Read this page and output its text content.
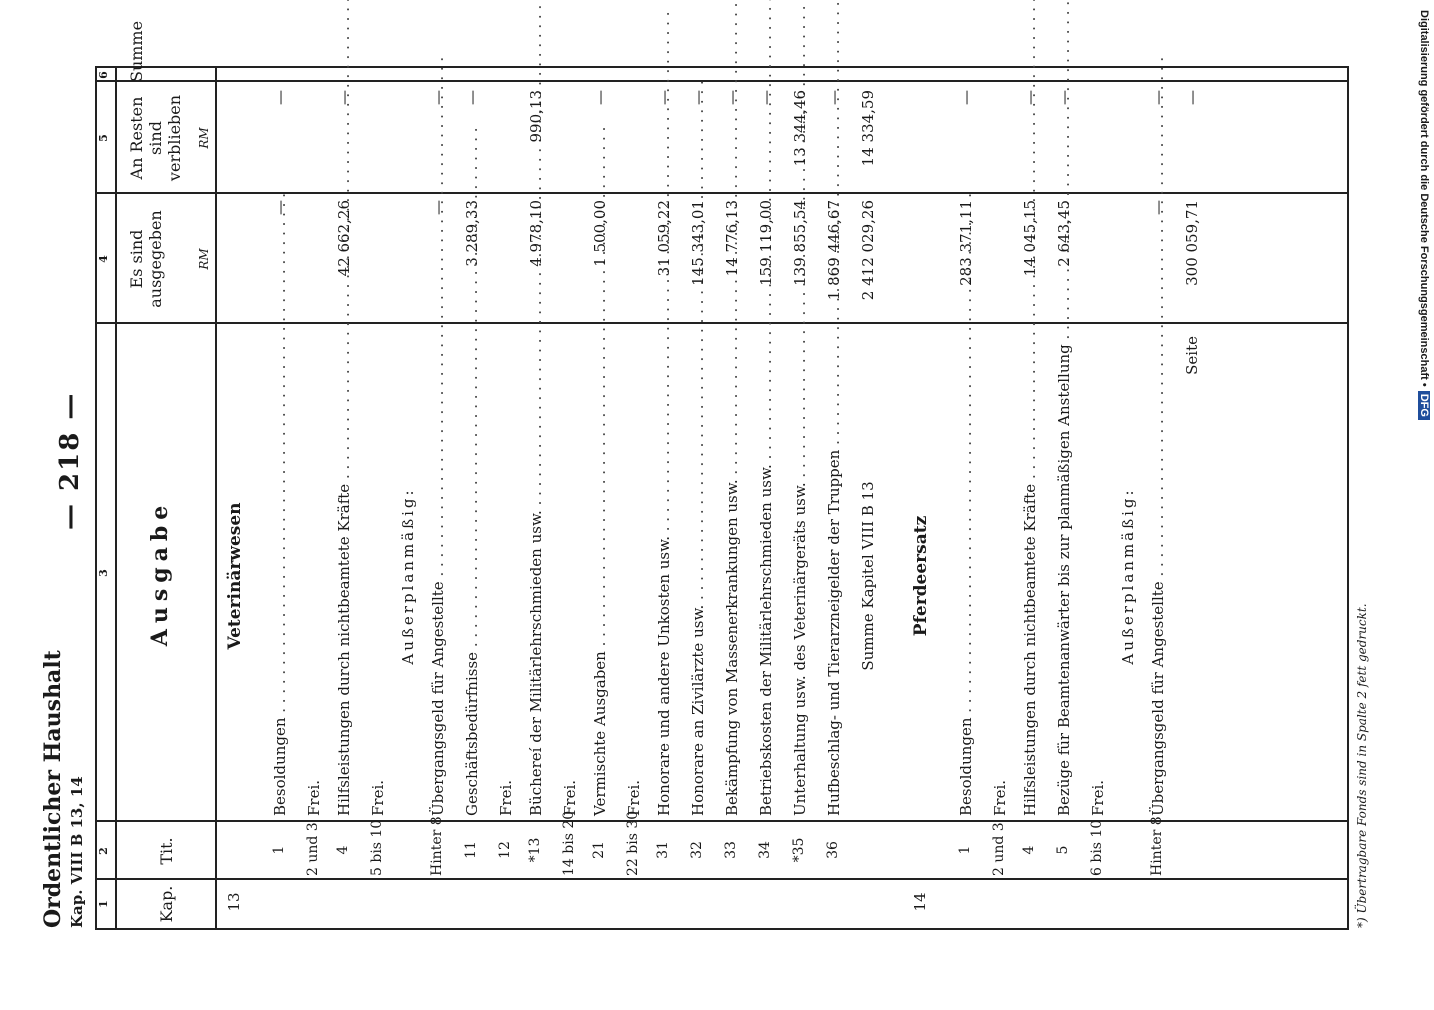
Ordentlicher Haushalt Kap. VIII B 13, 14
— 218 —
1
2
3
4
5
6
Kap.
Tit.
Ausgabe
Es sind ausgegeben
An Resten sind verblieben
Summe
RM
RM
13
Veterinärwesen
1
Besoldungen . . .
—
—
2 und 3
Frei.
4
Hilfsleistungen durch nichtbeamtete Kräfte . . .
42 662,26
—
5 bis 10
Frei.
Außerplanmäßig:
Hinter 8
Übergangsgeld für Angestellte . . .
—
—
11
Geschäftsbedürfnisse . . .
3 289,33
—
12
Frei.
*13
Büchereí der Militärlehrschmieden usw. . . .
4 978,10
990,13
14 bis 20
Frei.
21
Vermischte Ausgaben . . .
1 500,00
—
22 bis 30
Frei.
31
Honorare und andere Unkosten usw. . . .
31 059,22
—
32
Honorare an Zivilärzte usw. . . .
145 343,01
—
33
Bekämpfung von Massenerkrankungen usw. . . .
14 776,13
—
34
Betriebskosten der Militärlehrschmieden usw. . . .
159 119,00
—
*35
Unterhaltung usw. des Veterinärgeräts usw. . . .
139 855,54
13 344,46
36
Hufbeschlag- und Tierarzneigelder der Truppen . . .
1 869 446,67
—
Summe Kapitel VIII B 13
2 412 029,26
14 334,59
14
Pferdeersatz
1
Besoldungen . . .
283 371,11
—
2 und 3
Frei.
4
Hilfsleistungen durch nichtbeamtete Kräfte . . .
14 045,15
—
5
Bezüge für Beamtenanwärter bis zur planmäßigen Anstellung . . .
2 643,45
—
6 bis 10
Frei.
Außerplanmäßig:
Hinter 8
Übergangsgeld für Angestellte . . .
—
—
Seite
300 059,71
—
*) Übertragbare Fonds sind in Spalte 2 fett gedruckt.
Digitalisierung gefördert durch die Deutsche Forschungsgemeinschaft •DFG
